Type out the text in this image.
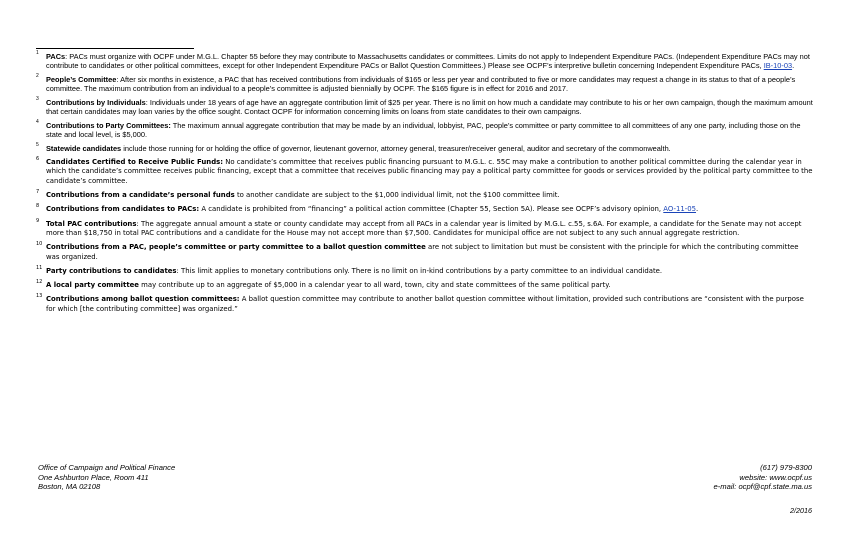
1 PACs: PACs must organize with OCPF under M.G.L. Chapter 55 before they may contribute to Massachusetts candidates or committees. Limits do not apply to Independent Expenditure PACs. (Independent Expenditure PACs may not contribute to candidates or other political committees, except for other Independent Expenditure PACs or Ballot Question Committees.) Please see OCPF’s interpretive bulletin concerning Independent Expenditure PACs, IB-10-03.
2 People’s Committee: After six months in existence, a PAC that has received contributions from individuals of $165 or less per year and contributed to five or more candidates may request a change in its status to that of a people’s committee. The maximum contribution from an individual to a people’s committee is adjusted biennially by OCPF. The $165 figure is in effect for 2016 and 2017.
3 Contributions by Individuals: Individuals under 18 years of age have an aggregate contribution limit of $25 per year. There is no limit on how much a candidate may contribute to his or her own campaign, though the maximum amount that certain candidates may loan varies by the office sought. Contact OCPF for information concerning limits on loans from state candidates to their own campaigns.
4 Contributions to Party Committees: The maximum annual aggregate contribution that may be made by an individual, lobbyist, PAC, people’s committee or party committee to all committees of any one party, including those on the state and local level, is $5,000.
5 Statewide candidates include those running for or holding the office of governor, lieutenant governor, attorney general, treasurer/receiver general, auditor and secretary of the commonwealth.
6 Candidates Certified to Receive Public Funds: No candidate’s committee that receives public financing pursuant to M.G.L. c. 55C may make a contribution to another political committee during the calendar year in which the candidate’s committee receives public financing, except that a committee that receives public financing may pay a political party committee for goods or services provided by the political party committee to the candidate’s committee.
7 Contributions from a candidate’s personal funds to another candidate are subject to the $1,000 individual limit, not the $100 committee limit.
8 Contributions from candidates to PACs: A candidate is prohibited from “financing” a political action committee (Chapter 55, Section 5A). Please see OCPF’s advisory opinion, AO-11-05.
9 Total PAC contributions: The aggregate annual amount a state or county candidate may accept from all PACs in a calendar year is limited by M.G.L. c.55, s.6A. For example, a candidate for the Senate may not accept more than $18,750 in total PAC contributions and a candidate for the House may not accept more than $7,500. Candidates for municipal office are not subject to any such annual aggregate restriction.
10 Contributions from a PAC, people’s committee or party committee to a ballot question committee are not subject to limitation but must be consistent with the principle for which the contributing committee was organized.
11 Party contributions to candidates: This limit applies to monetary contributions only. There is no limit on in-kind contributions by a party committee to an individual candidate.
12 A local party committee may contribute up to an aggregate of $5,000 in a calendar year to all ward, town, city and state committees of the same political party.
13 Contributions among ballot question committees: A ballot question committee may contribute to another ballot question committee without limitation, provided such contributions are “consistent with the purpose for which [the contributing committee] was organized.”
Office of Campaign and Political Finance
One Ashburton Place, Room 411
Boston, MA 02108
(617) 979-8300
website: www.ocpf.us
e-mail: ocpf@cpf.state.ma.us
2/2016
